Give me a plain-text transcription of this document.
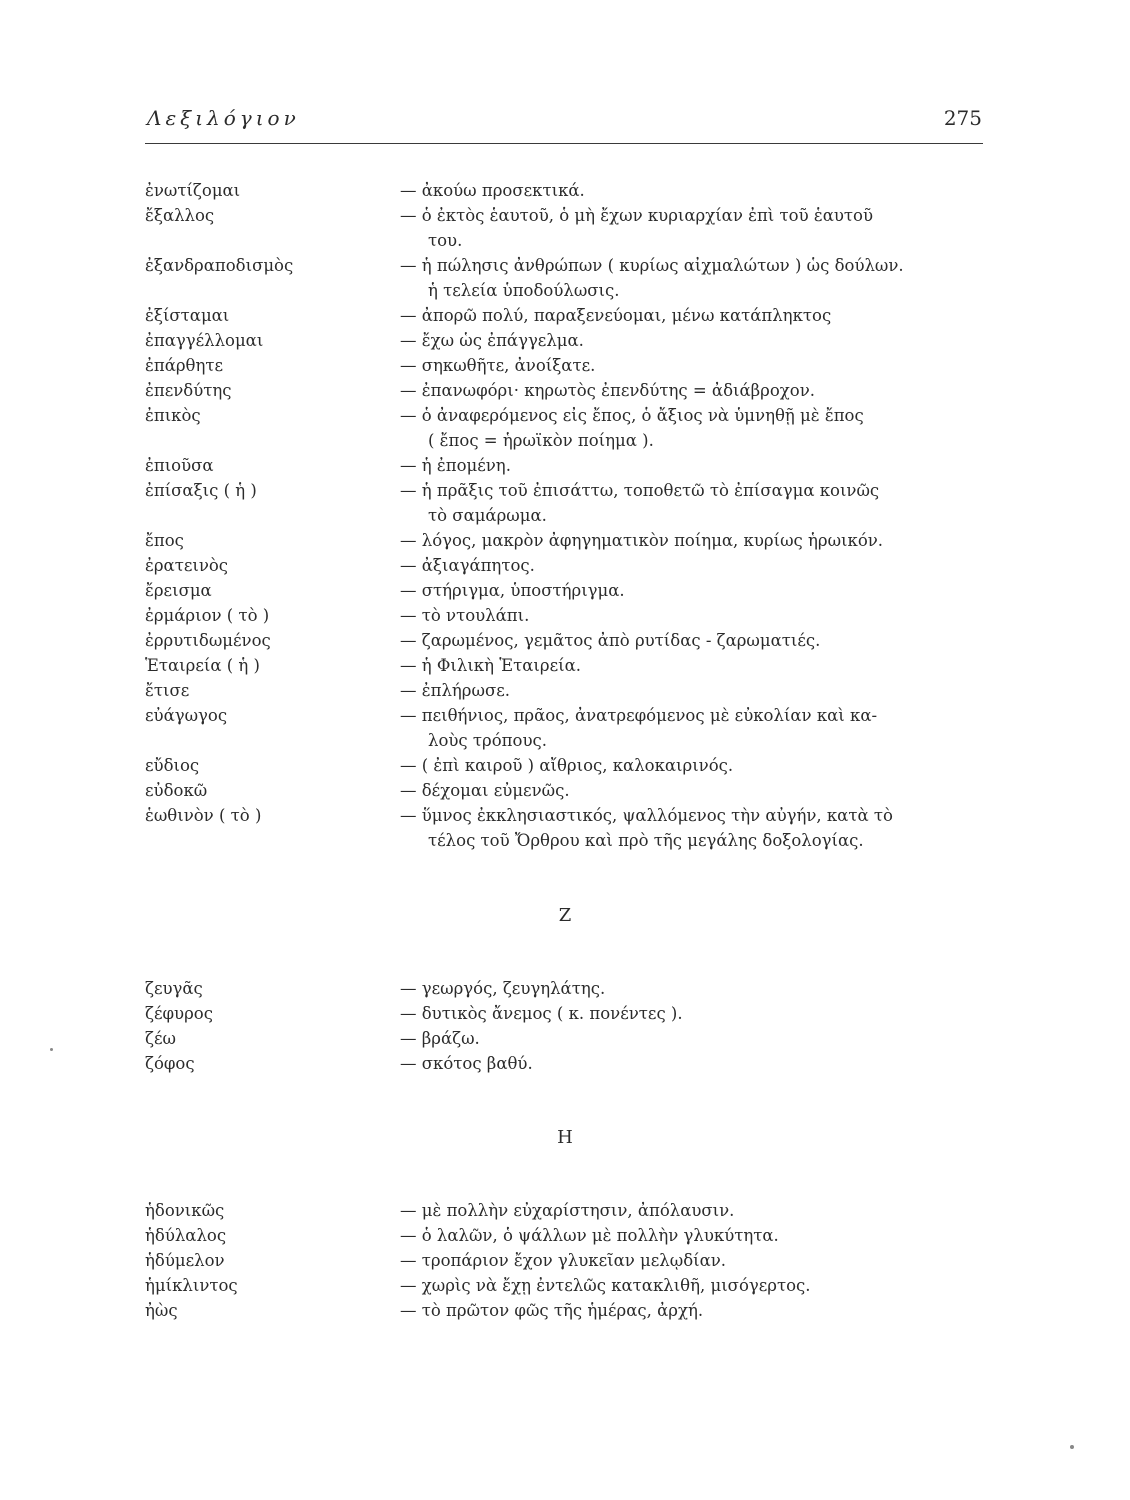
Λεξιλόγιον	275
ἐνωτίζομαι	— ἀκούω προσεκτικά.
ἔξαλλος	— ὁ ἐκτὸς ἑαυτοῦ, ὁ μὴ ἔχων κυριαρχίαν ἐπὶ τοῦ ἑαυτοῦ
του.
ἐξανδραποδισμὸς	— ἡ πώλησις ἀνθρώπων ( κυρίως αἰχμαλώτων ) ὡς δούλων.
ἡ τελεία ὑποδούλωσις.
ἐξίσταμαι	— ἀπορῶ πολύ, παραξενεύομαι, μένω κατάπληκτος
ἐπαγγέλλομαι	— ἔχω ὡς ἐπάγγελμα.
ἐπάρθητε	— σηκωθῆτε, ἀνοίξατε.
ἐπενδύτης	— ἐπανωφόρι· κηρωτὸς ἐπενδύτης = ἀδιάβροχον.
ἐπικὸς	— ὁ ἀναφερόμενος εἰς ἔπος, ὁ ἄξιος νὰ ὑμνηθῇ μὲ ἔπος
( ἔπος = ἡρωϊκὸν ποίημα ).
ἐπιοῦσα	— ἡ ἐπομένη.
ἐπίσαξις ( ἡ )	— ἡ πρᾶξις τοῦ ἐπισάττω, τοποθετῶ τὸ ἐπίσαγμα κοινῶς
τὸ σαμάρωμα.
ἔπος	— λόγος, μακρὸν ἀφηγηματικὸν ποίημα, κυρίως ἡρωικόν.
ἐρατεινὸς	— ἀξιαγάπητος.
ἔρεισμα	— στήριγμα, ὑποστήριγμα.
ἐρμάριον ( τὸ )	— τὸ ντουλάπι.
ἐρρυτιδωμένος	— ζαρωμένος, γεμᾶτος ἀπὸ ρυτίδας - ζαρωματιές.
Ἑταιρεία ( ἡ )	— ἡ Φιλικὴ Ἑταιρεία.
ἔτισε	— ἐπλήρωσε.
εὐάγωγος	— πειθήνιος, πρᾶος, ἀνατρεφόμενος μὲ εὐκολίαν καὶ κα-
λοὺς τρόπους.
εὔδιος	— ( ἐπὶ καιροῦ ) αἴθριος, καλοκαιρινός.
εὐδοκῶ	— δέχομαι εὐμενῶς.
ἑωθινὸν ( τὸ )	— ὕμνος ἐκκλησιαστικός, ψαλλόμενος τὴν αὐγήν, κατὰ τὸ
τέλος τοῦ Ὄρθρου καὶ πρὸ τῆς μεγάλης δοξολογίας.
Ζ
ζευγᾶς	— γεωργός, ζευγηλάτης.
ζέφυρος	— δυτικὸς ἄνεμος ( κ. πονέντες ).
ζέω	— βράζω.
ζόφος	— σκότος βαθύ.
Η
ἡδονικῶς	— μὲ πολλὴν εὐχαρίστησιν, ἀπόλαυσιν.
ἡδύλαλος	— ὁ λαλῶν, ὁ ψάλλων μὲ πολλὴν γλυκύτητα.
ἡδύμελον	— τροπάριον ἔχον γλυκεῖαν μελῳδίαν.
ἡμίκλιντος	— χωρὶς νὰ ἔχῃ ἐντελῶς κατακλιθῆ, μισόγερτος.
ἠὼς	— τὸ πρῶτον φῶς τῆς ἡμέρας, ἀρχή.
